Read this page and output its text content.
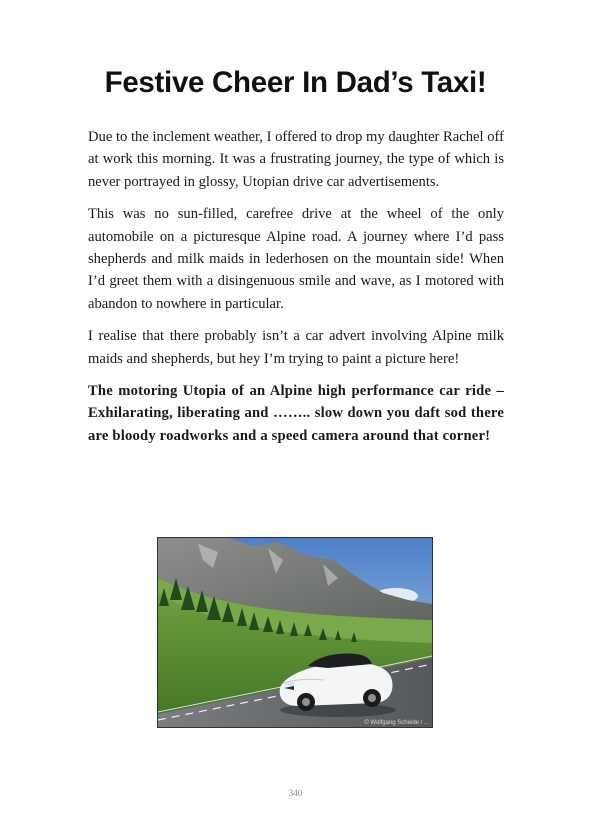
Festive Cheer In Dad’s Taxi!

Due to the inclement weather, I offered to drop my daughter Rachel off at work this morning. It was a frustrating journey, the type of which is never portrayed in glossy, Utopian drive car advertisements.

This was no sun-filled, carefree drive at the wheel of the only automobile on a picturesque Alpine road. A journey where I’d pass shepherds and milk maids in lederhosen on the mountain side! When I’d greet them with a disingenuous smile and wave, as I motored with abandon to nowhere in particular.

I realise that there probably isn’t a car advert involving Alpine milk maids and shepherds, but hey I’m trying to paint a picture here!

The motoring Utopia of an Alpine high performance car ride – Exhilarating, liberating and …….. slow down you daft sod there are bloody roadworks and a speed camera around that corner!

© Wolfgang Scheide / ...
340
